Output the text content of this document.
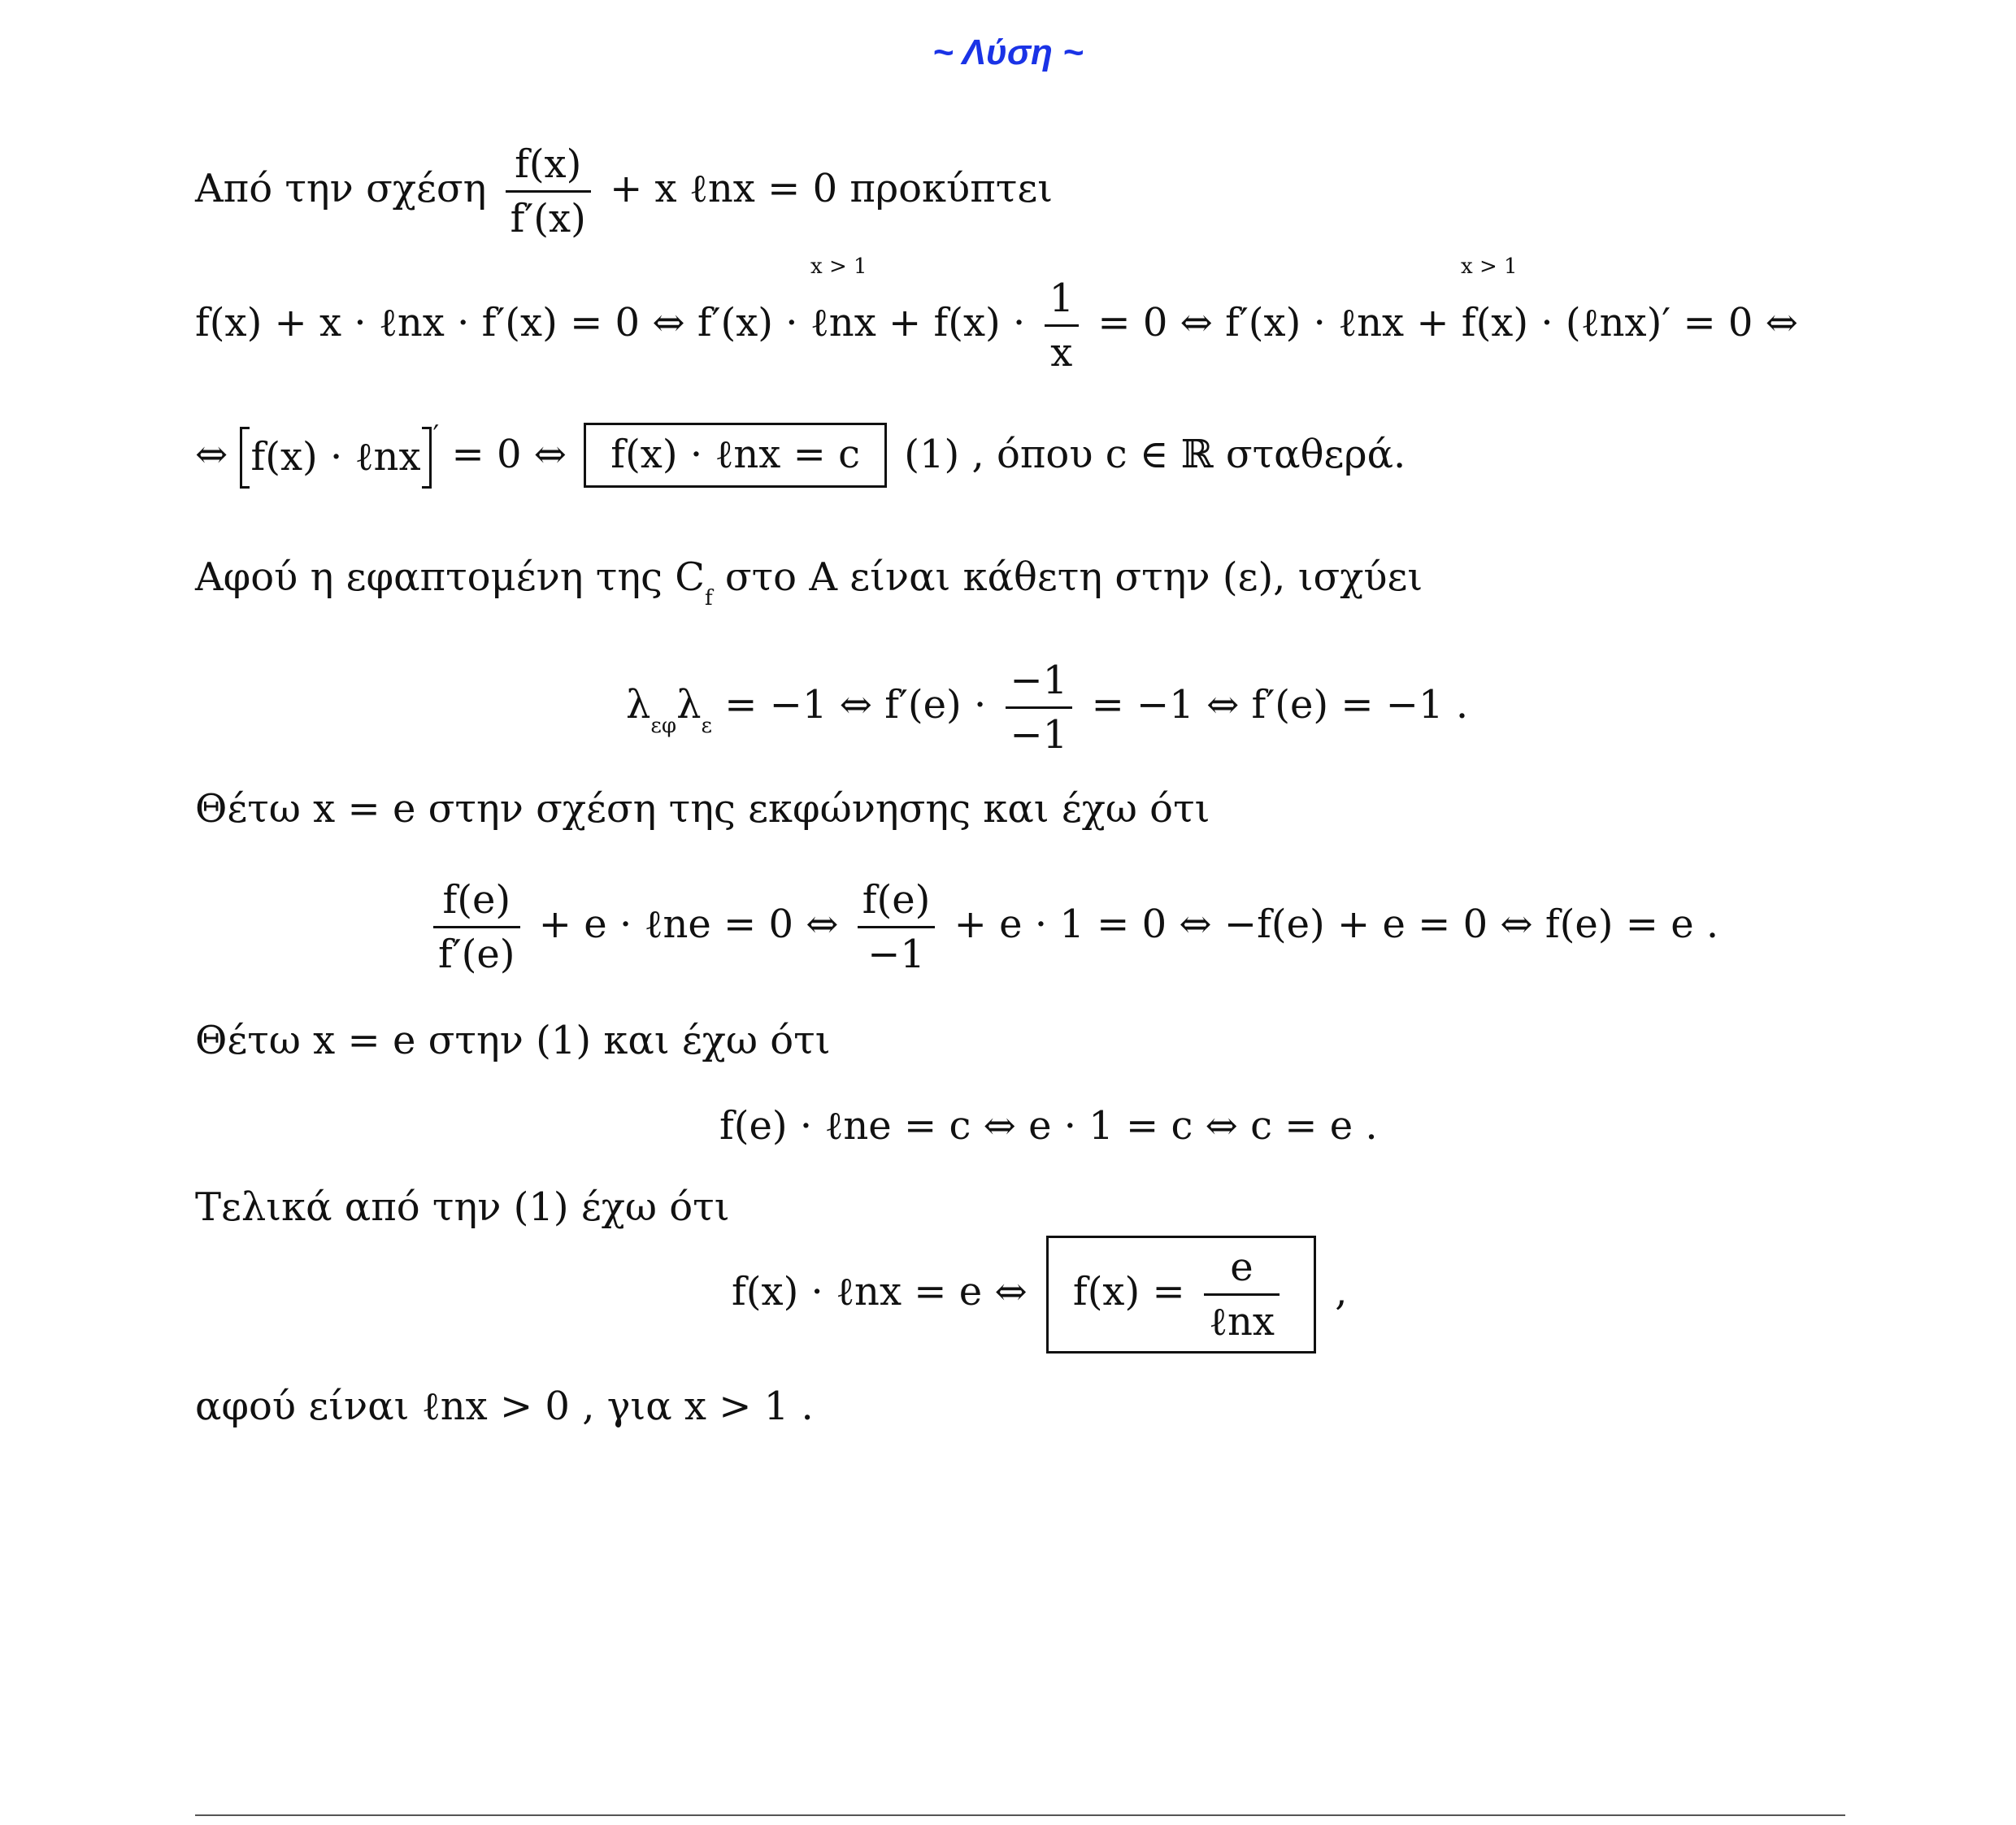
~ Λύση ~
Από την σχέση $\frac{f(x)}{f'(x)} + x$ ℓnx = 0 προκύπτει
f(x) + x · ℓnx · f′(x) = 0
x > 1
⇔ f′(x) · ℓnx + $f(x) \cdot \frac{1}{x} = 0$
x > 1
⇔ f′(x) · ℓnx + f(x) · (ℓnx)′ = 0 ⇔
⇔ f(x) · ℓnx ′ = 0 ⇔ f(x) · ℓnx = c (1) , όπου c ∈ ℝ σταθερά.
Αφού η εφαπτομένη της $C_f$ στο Α είναι κάθετη στην (ε), ισχύει
$\lambda_{\varepsilon\varphi}\lambda_\varepsilon = -1$ ⇔ $f'(e) \cdot \frac{-1}{-1} = -1$ ⇔ f′(e) = −1 .
Θέτω x = e στην σχέση της εκφώνησης και έχω ότι
$\frac{f(e)}{f'(e)} + e$ · ℓne = 0 ⇔ $\frac{f(e)}{-1} + e \cdot 1 = 0$ ⇔ −f(e) + e = 0 ⇔ f(e) = e .
Θέτω x = e στην (1) και έχω ότι
f(e) · ℓne = c ⇔ e · 1 = c ⇔ c = e .
Τελικά από την (1) έχω ότι
f(x) · ℓnx = e ⇔ $f(x) = \frac{e}{\text{ℓnx}}$ ,
αφού είναι ℓnx > 0 , για x > 1 .
